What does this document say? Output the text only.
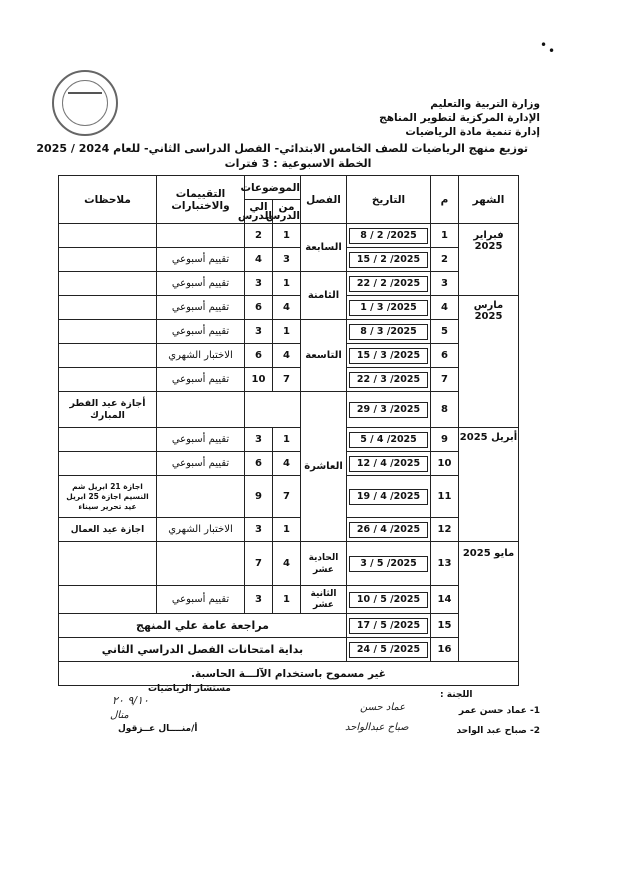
• •
وزارة التربية والتعليم
الإدارة المركزية لتطوير المناهج
إدارة تنمية مادة الرياضيات
توزيع منهج الرياضيات للصف الخامس الابتدائي- الفصل الدراسى الثاني- للعام 2024 / 2025
الخطة الاسبوعية : 3 فترات
الشهر	م	التاريخ	الفصل	الموضوعات		التقييمات والاختبارات	ملاحظات
				من الدرس	الي الدرس		
فبراير 2025	1	2025/ 2 / 8	السابعة	1	2		
	2	2025/ 2 / 15		3	4	تقييم أسبوعي	
	3	2025/ 2 / 22	الثامنة	1	3	تقييم أسبوعي	
مارس 2025	4	2025/ 3 / 1		4	6	تقييم أسبوعي	
	5	2025/ 3 / 8	التاسعة	1	3	تقييم أسبوعي	
	6	2025/ 3 / 15		4	6	الاختبار الشهري	
	7	2025/ 3 / 22		7	10	تقييم أسبوعي	
	8	2025/ 3 / 29	العاشرة				أجازة عيد الفطر المبارك
أبريل 2025	9	2025/ 4 / 5		1	3	تقييم أسبوعي	
	10	2025/ 4 / 12		4	6	تقييم أسبوعي	
	11	2025/ 4 / 19		7	9		اجازة 21 ابريل شم النسيم اجازة 25 ابريل عيد تحرير سيناء
	12	2025/ 4 / 26		1	3	الاختبار الشهري	اجازة عيد العمال
مايو 2025	13	2025/ 5 / 3	الحادية عشر	4	7		
	14	2025/ 5 / 10	الثانية عشر	1	3	تقييم أسبوعي	
	15	2025/ 5 / 17	مراجعة عامة علي المنهج				
	16	2025/ 5 / 24	بداية امتحانات الفصل الدراسي الثاني				
غير مسموح باستخدام الآلـــة الحاسبة.							
اللجنة :
1- عماد حسن عمر
2- صباح عبد الواحد
عماد حسن
صباح عبدالواحد
مستشار الرياضيات
٩/١٠ ٢٠
منال
أ/منــــال عــزقول
